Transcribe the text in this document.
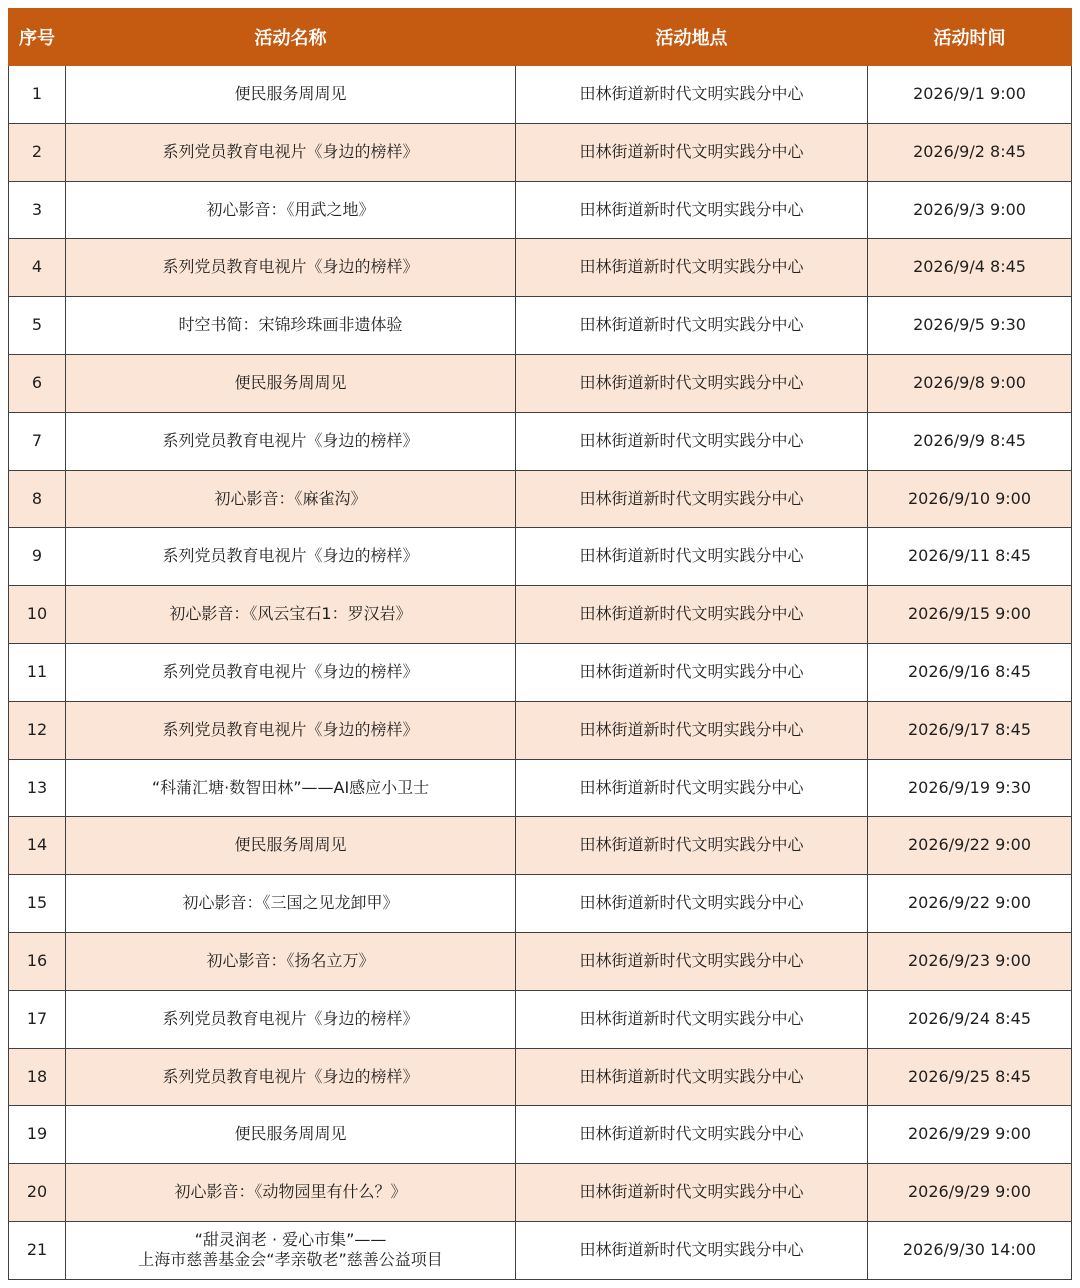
序号	活动名称	活动地点	活动时间
1	便民服务周周见	田林街道新时代文明实践分中心	2026/9/1 9:00
2	系列党员教育电视片《身边的榜样》	田林街道新时代文明实践分中心	2026/9/2 8:45
3	初心影音：《用武之地》	田林街道新时代文明实践分中心	2026/9/3 9:00
4	系列党员教育电视片《身边的榜样》	田林街道新时代文明实践分中心	2026/9/4 8:45
5	时空书简：宋锦珍珠画非遗体验	田林街道新时代文明实践分中心	2026/9/5 9:30
6	便民服务周周见	田林街道新时代文明实践分中心	2026/9/8 9:00
7	系列党员教育电视片《身边的榜样》	田林街道新时代文明实践分中心	2026/9/9 8:45
8	初心影音：《麻雀沟》	田林街道新时代文明实践分中心	2026/9/10 9:00
9	系列党员教育电视片《身边的榜样》	田林街道新时代文明实践分中心	2026/9/11 8:45
10	初心影音：《风云宝石1：罗汉岩》	田林街道新时代文明实践分中心	2026/9/15 9:00
11	系列党员教育电视片《身边的榜样》	田林街道新时代文明实践分中心	2026/9/16 8:45
12	系列党员教育电视片《身边的榜样》	田林街道新时代文明实践分中心	2026/9/17 8:45
13	“科蒲汇塘·数智田林”——AI感应小卫士	田林街道新时代文明实践分中心	2026/9/19 9:30
14	便民服务周周见	田林街道新时代文明实践分中心	2026/9/22 9:00
15	初心影音：《三国之见龙卸甲》	田林街道新时代文明实践分中心	2026/9/22 9:00
16	初心影音：《扬名立万》	田林街道新时代文明实践分中心	2026/9/23 9:00
17	系列党员教育电视片《身边的榜样》	田林街道新时代文明实践分中心	2026/9/24 8:45
18	系列党员教育电视片《身边的榜样》	田林街道新时代文明实践分中心	2026/9/25 8:45
19	便民服务周周见	田林街道新时代文明实践分中心	2026/9/29 9:00
20	初心影音：《动物园里有什么？》	田林街道新时代文明实践分中心	2026/9/29 9:00
21	“甜灵润老 · 爱心市集”——
上海市慈善基金会“孝亲敬老”慈善公益项目	田林街道新时代文明实践分中心	2026/9/30 14:00
